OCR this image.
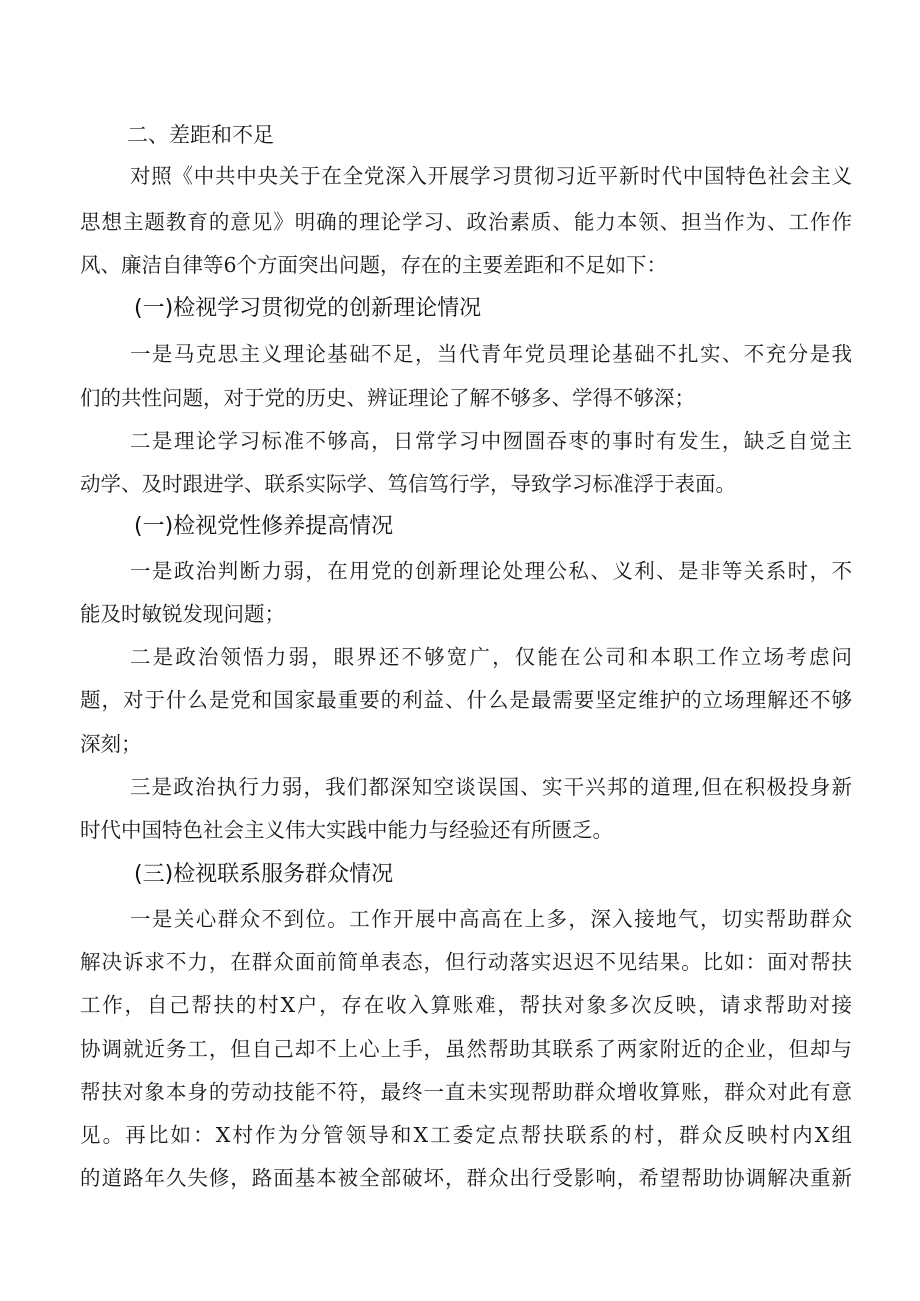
二、差距和不足
对照《中共中央关于在全党深入开展学习贯彻习近平新时代中国特色社会主义
思想主题教育的意见》明确的理论学习、政治素质、能力本领、担当作为、工作作
风、廉洁自律等6个方面突出问题，存在的主要差距和不足如下：
(一)检视学习贯彻党的创新理论情况
一是马克思主义理论基础不足，当代青年党员理论基础不扎实、不充分是我
们的共性问题，对于党的历史、辨证理论了解不够多、学得不够深；
二是理论学习标准不够高，日常学习中囫圄吞枣的事时有发生，缺乏自觉主
动学、及时跟进学、联系实际学、笃信笃行学，导致学习标准浮于表面。
(一)检视党性修养提高情况
一是政治判断力弱，在用党的创新理论处理公私、义利、是非等关系时，不
能及时敏锐发现问题；
二是政治领悟力弱，眼界还不够宽广，仅能在公司和本职工作立场考虑问
题，对于什么是党和国家最重要的利益、什么是最需要坚定维护的立场理解还不够
深刻；
三是政治执行力弱，我们都深知空谈误国、实干兴邦的道理,但在积极投身新
时代中国特色社会主义伟大实践中能力与经验还有所匮乏。
(三)检视联系服务群众情况
一是关心群众不到位。工作开展中高高在上多，深入接地气，切实帮助群众
解决诉求不力，在群众面前简单表态，但行动落实迟迟不见结果。比如：面对帮扶
工作，自己帮扶的村X户，存在收入算账难，帮扶对象多次反映，请求帮助对接
协调就近务工，但自己却不上心上手，虽然帮助其联系了两家附近的企业，但却与
帮扶对象本身的劳动技能不符，最终一直未实现帮助群众增收算账，群众对此有意
见。再比如：X村作为分管领导和X工委定点帮扶联系的村，群众反映村内X组
的道路年久失修，路面基本被全部破坏，群众出行受影响，希望帮助协调解决重新
